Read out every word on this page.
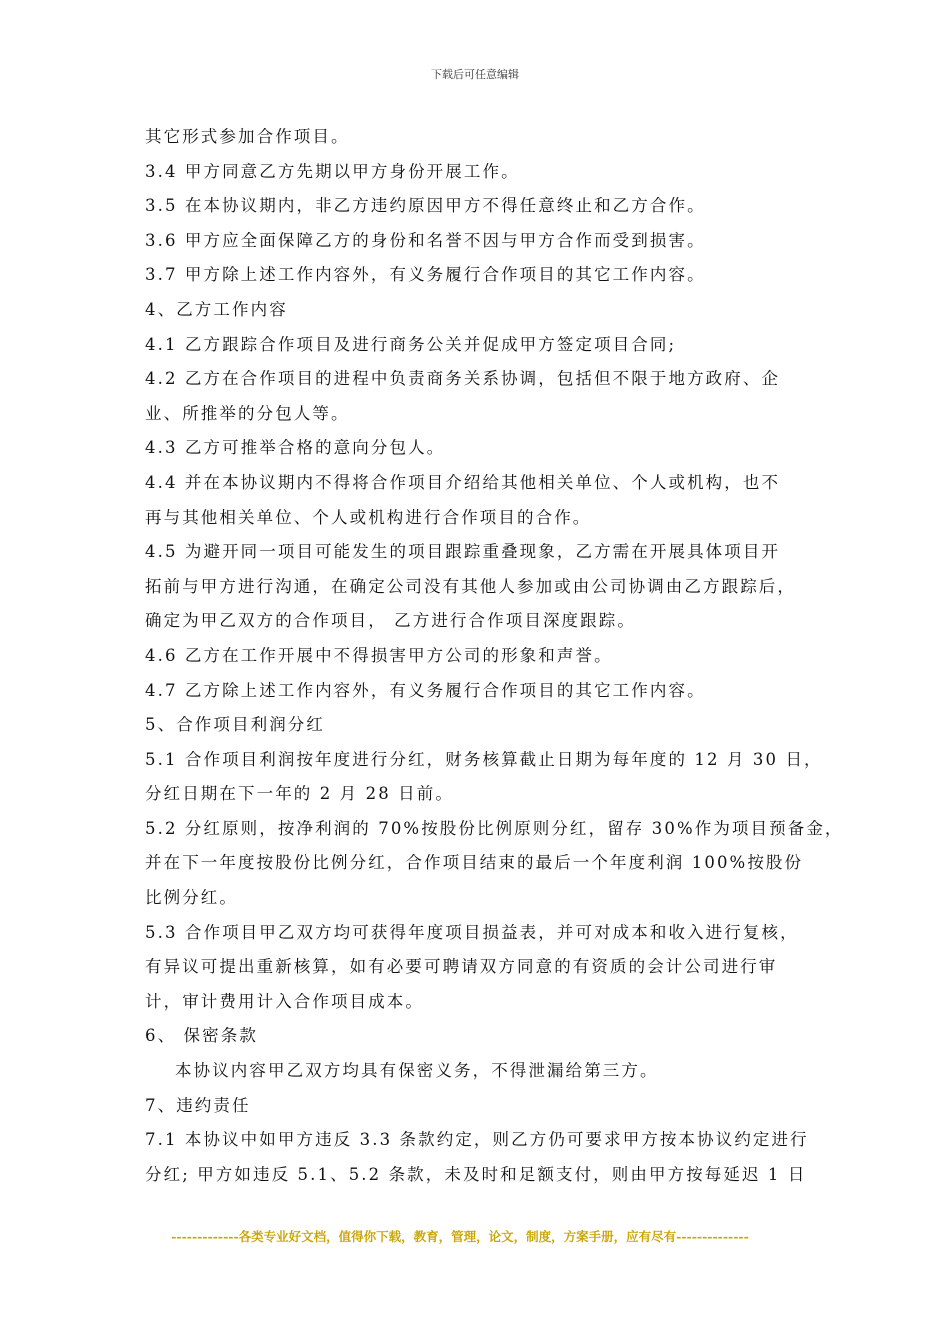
下载后可任意编辑
其它形式参加合作项目。
3.4 甲方同意乙方先期以甲方身份开展工作。
3.5 在本协议期内，非乙方违约原因甲方不得任意终止和乙方合作。
3.6 甲方应全面保障乙方的身份和名誉不因与甲方合作而受到损害。
3.7 甲方除上述工作内容外，有义务履行合作项目的其它工作内容。
4、乙方工作内容
4.1 乙方跟踪合作项目及进行商务公关并促成甲方签定项目合同;
4.2 乙方在合作项目的进程中负责商务关系协调，包括但不限于地方政府、企
业、所推举的分包人等。
4.3 乙方可推举合格的意向分包人。
4.4 并在本协议期内不得将合作项目介绍给其他相关单位、个人或机构，也不
再与其他相关单位、个人或机构进行合作项目的合作。
4.5 为避开同一项目可能发生的项目跟踪重叠现象，乙方需在开展具体项目开
拓前与甲方进行沟通，在确定公司没有其他人参加或由公司协调由乙方跟踪后，
确定为甲乙双方的合作项目， 乙方进行合作项目深度跟踪。
4.6 乙方在工作开展中不得损害甲方公司的形象和声誉。
4.7 乙方除上述工作内容外，有义务履行合作项目的其它工作内容。
5、合作项目利润分红
5.1 合作项目利润按年度进行分红，财务核算截止日期为每年度的 12 月 30 日，
分红日期在下一年的 2 月 28 日前。
5.2 分红原则，按净利润的 70%按股份比例原则分红，留存 30%作为项目预备金，
并在下一年度按股份比例分红，合作项目结束的最后一个年度利润 100%按股份
比例分红。
5.3 合作项目甲乙双方均可获得年度项目损益表，并可对成本和收入进行复核，
有异议可提出重新核算，如有必要可聘请双方同意的有资质的会计公司进行审
计，审计费用计入合作项目成本。
6、 保密条款
本协议内容甲乙双方均具有保密义务，不得泄漏给第三方。
7、违约责任
7.1 本协议中如甲方违反 3.3 条款约定，则乙方仍可要求甲方按本协议约定进行
分红; 甲方如违反 5.1、5.2 条款，未及时和足额支付，则由甲方按每延迟 1 日
-------------各类专业好文档，值得你下载，教育，管理，论文，制度，方案手册，应有尽有--------------
